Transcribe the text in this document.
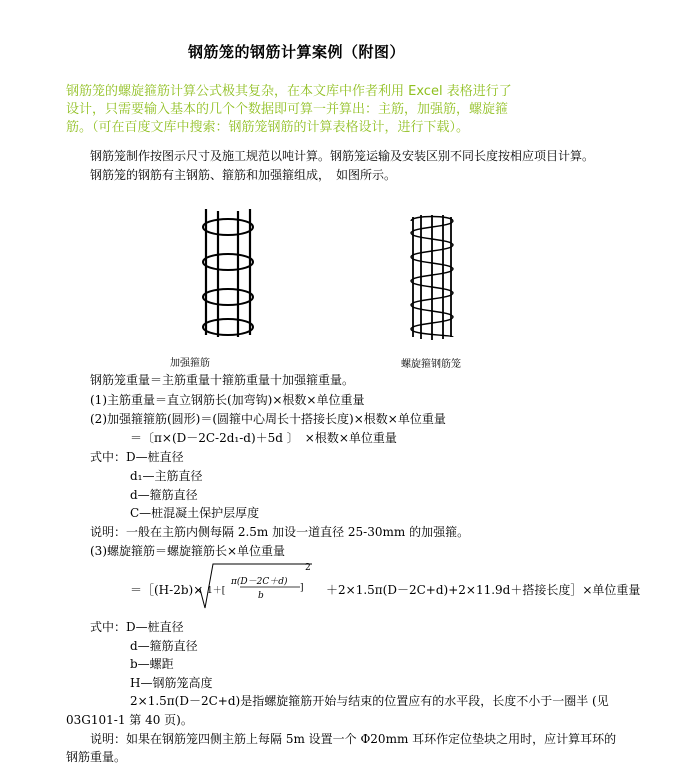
钢筋笼的钢筋计算案例（附图）
钢筋笼的螺旋箍筋计算公式极其复杂，在本文库中作者利用 Excel 表格进行了
设计，只需要输入基本的几个个数据即可算一并算出：主筋，加强筋，螺旋箍
筋。（可在百度文库中搜索：钢筋笼钢筋的计算表格设计，进行下载）。
钢筋笼制作按图示尺寸及施工规范以吨计算。钢筋笼运输及安装区别不同长度按相应项目计算。
钢筋笼的钢筋有主钢筋、箍筋和加强箍组成，　如图所示。
加强箍筋	螺旋箍钢筋笼
钢筋笼重量＝主筋重量十箍筋重量十加强箍重量。
(1)主筋重量＝直立钢筋长(加弯钩)×根数×单位重量
(2)加强箍箍筋(圆形)＝(圆箍中心周长十搭接长度)×根数×单位重量
＝〔π×(D－2C-2d₁-d)＋5d 〕　×根数×单位重量
式中：D—桩直径
d₁—主筋直径
d—箍筋直径
C—桩混凝土保护层厚度
说明：一般在主筋内侧每隔 2.5m 加设一道直径 25-30mm 的加强箍。
(3)螺旋箍筋＝螺旋箍筋长×单位重量
＝［(H-2b)× 1＋[
π(D－2C＋d)
b
]
2
＋2×1.5π(D－2C+d)+2×11.9d＋搭接长度］×单位重量
式中：D—桩直径
d—箍筋直径
b—螺距
H—钢筋笼高度
2×1.5π(D－2C+d)是指螺旋箍筋开始与结束的位置应有的水平段，长度不小于一圈半 (见
03G101-1 第 40 页)。
说明：如果在钢筋笼四侧主筋上每隔 5m 设置一个 Φ20mm 耳环作定位垫块之用时，应计算耳环的
钢筋重量。
